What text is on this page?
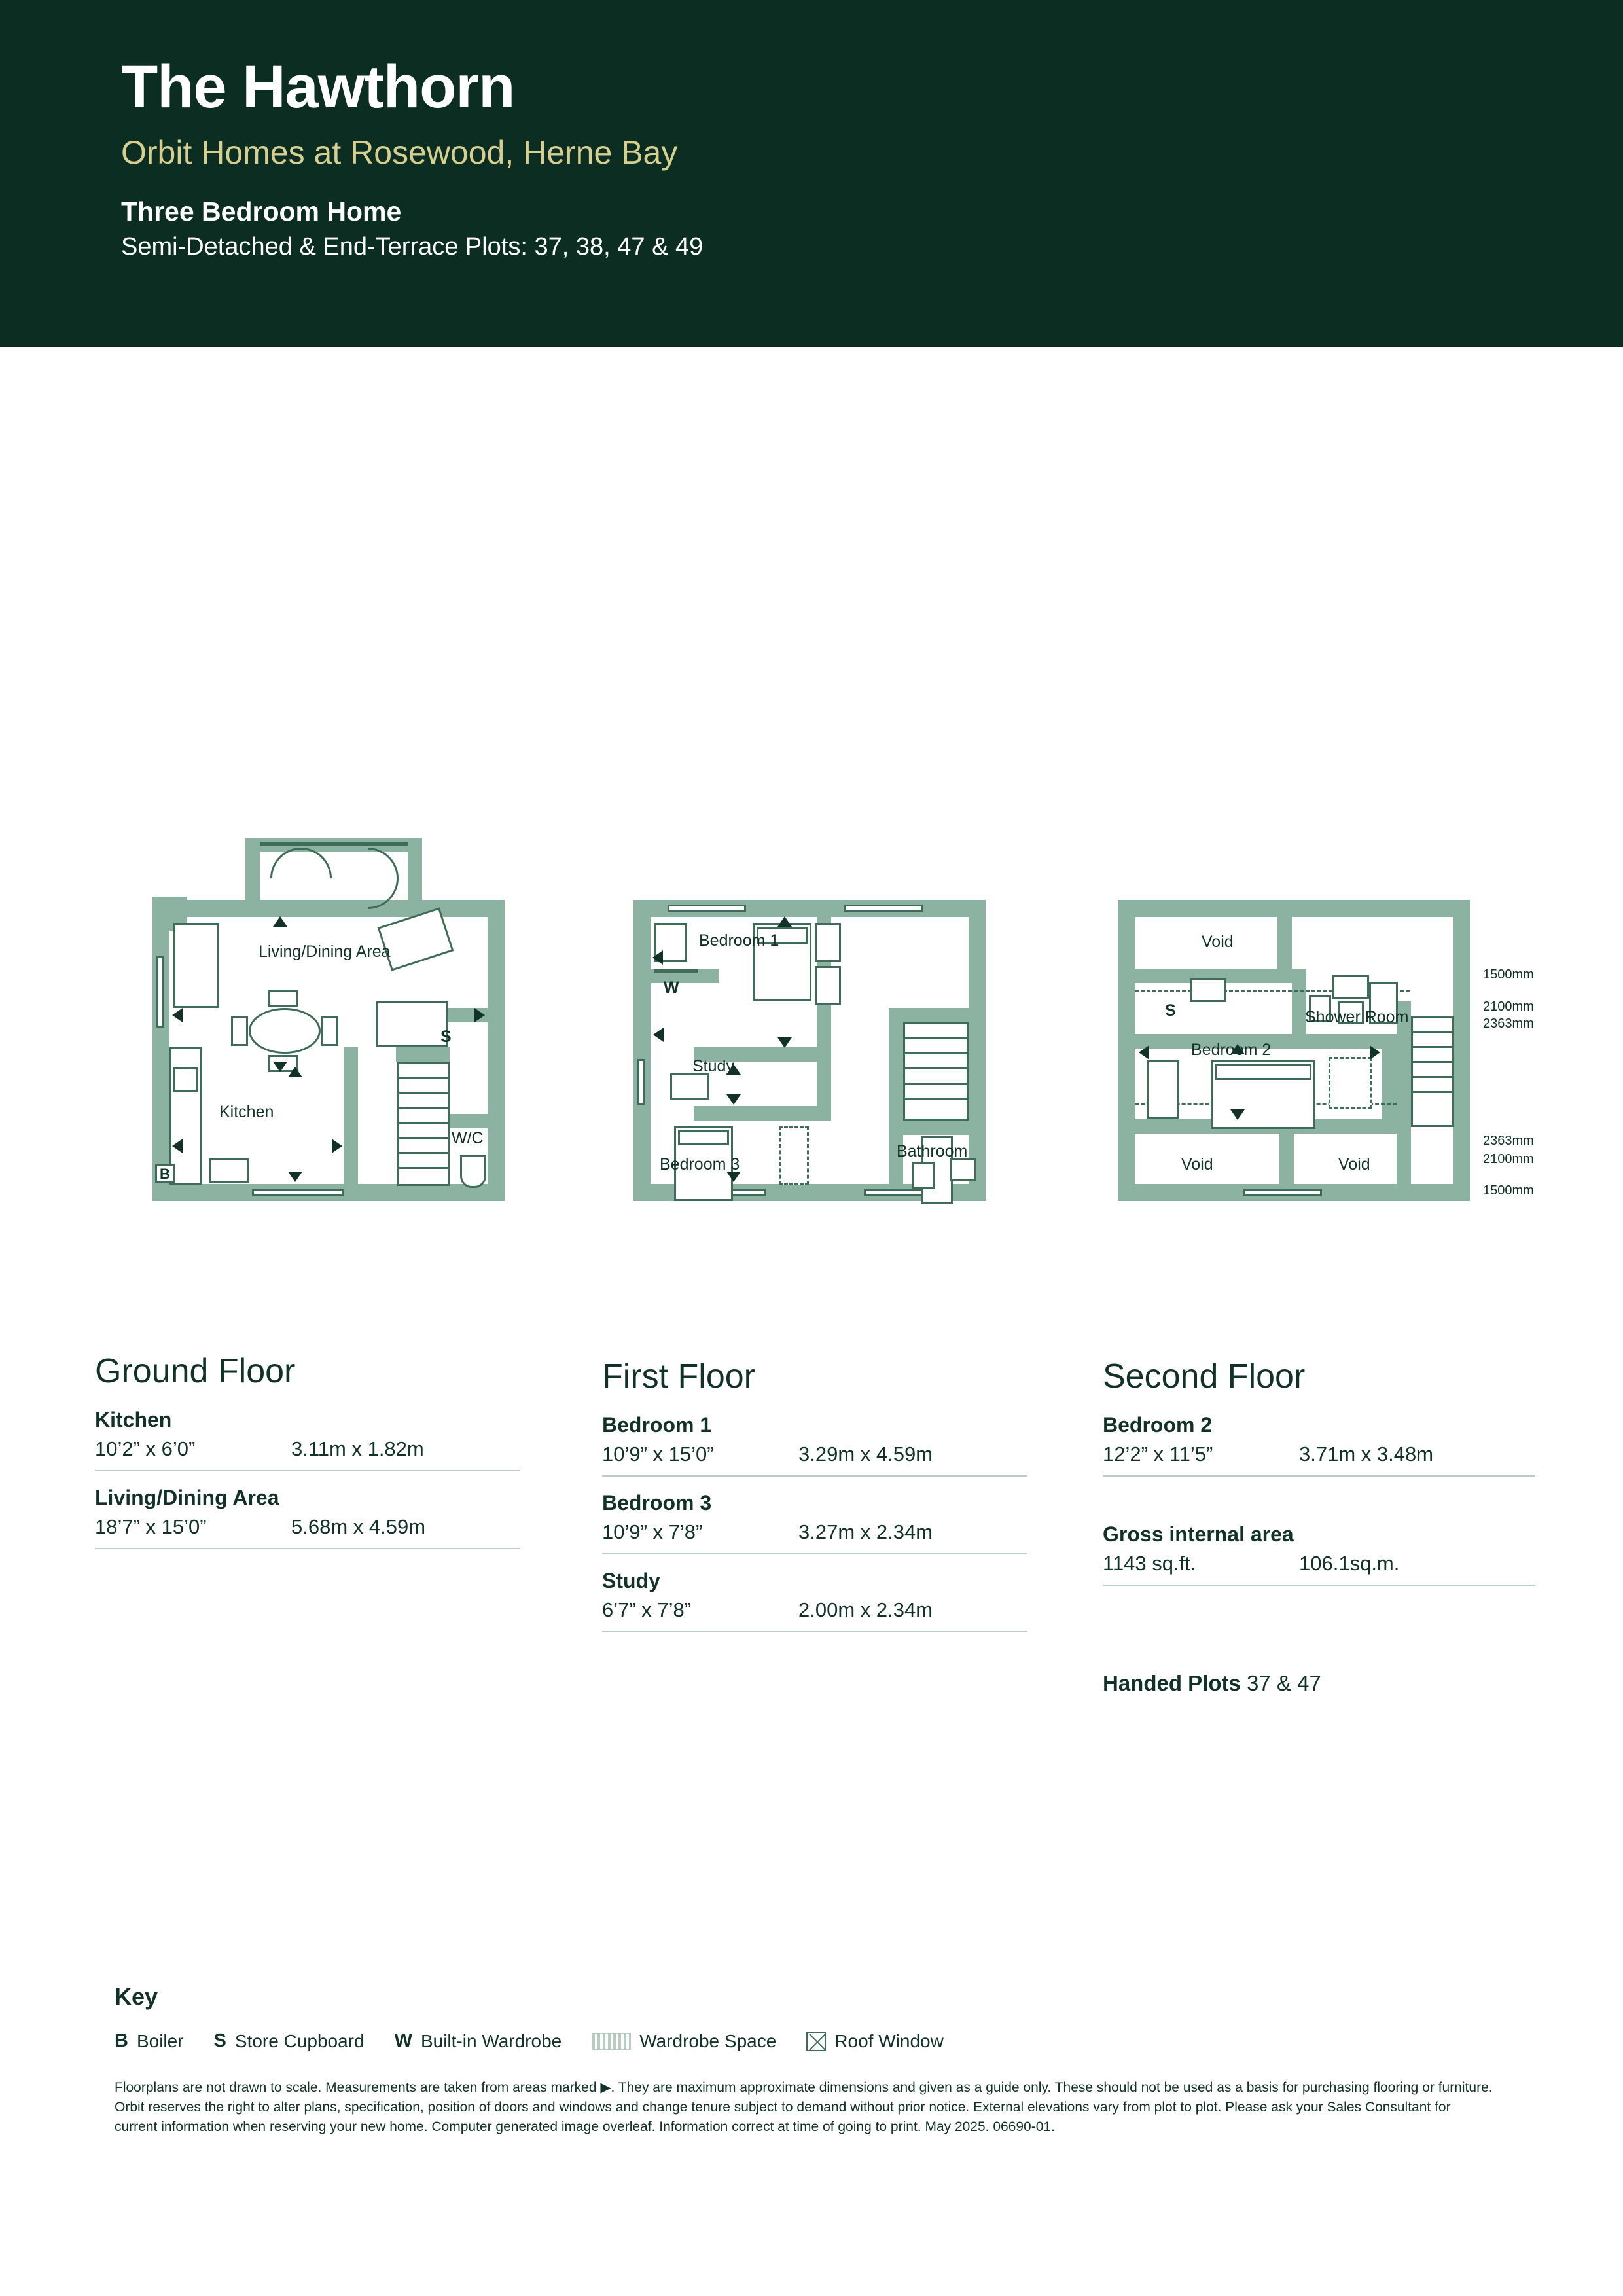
The Hawthorn
Orbit Homes at Rosewood, Herne Bay
Three Bedroom Home
Semi-Detached & End-Terrace Plots: 37, 38, 47 & 49
Living/Dining Area
Kitchen
W/C
S
B
Bedroom 1
Bedroom 3
Study
Bathroom
W
Void
Shower Room
Bedroom 2
Void	Void
S
1500mm
2100mm
2363mm
2363mm
2100mm
1500mm
Ground Floor
Kitchen
10’2” x 6’0”	3.11m x 1.82m
Living/Dining Area
18’7” x 15’0”	5.68m x 4.59m
First Floor
Bedroom 1
10’9” x 15’0”	3.29m x 4.59m
Bedroom 3
10’9” x 7’8”	3.27m x 2.34m
Study
6’7” x 7’8”	2.00m x 2.34m
Second Floor
Bedroom 2
12’2” x 11’5”	3.71m x 3.48m
Gross internal area
1143 sq.ft.	106.1sq.m.
Handed Plots 37 & 47
Key
B Boiler S Store Cupboard W Built-in Wardrobe	Wardrobe Space	Roof Window
Floorplans are not drawn to scale. Measurements are taken from areas marked ▶. They are maximum approximate dimensions and given as a guide only. These should not be used as a basis for purchasing flooring or furniture. Orbit reserves the right to alter plans, specification, position of doors and windows and change tenure subject to demand without prior notice. External elevations vary from plot to plot. Please ask your Sales Consultant for current information when reserving your new home. Computer generated image overleaf. Information correct at time of going to print. May 2025. 06690-01.
